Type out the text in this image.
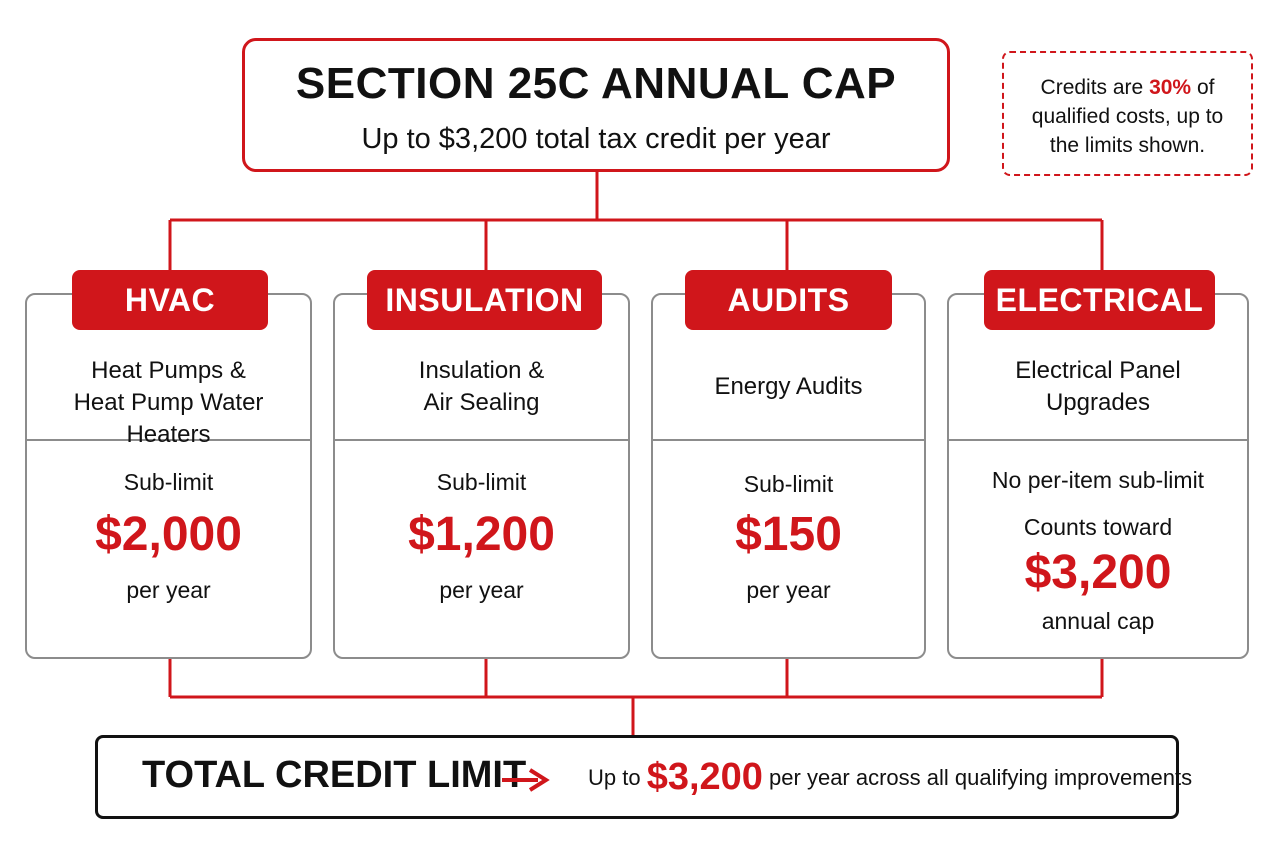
SECTION 25C ANNUAL CAP
Up to $3,200 total tax credit per year
Credits are 30% of
qualified costs, up to
the limits shown.
Heat Pumps &
Heat Pump Water Heaters
Sub-limit
$2,000
per year
HVAC
Insulation &
Air Sealing
Sub-limit
$1,200
per year
INSULATION
Energy Audits
Sub-limit
$150
per year
AUDITS
Electrical Panel
Upgrades
No per-item sub-limit
Counts toward
$3,200
annual cap
ELECTRICAL
TOTAL CREDIT LIMIT	Up to $3,200 per year across all qualifying improvements
